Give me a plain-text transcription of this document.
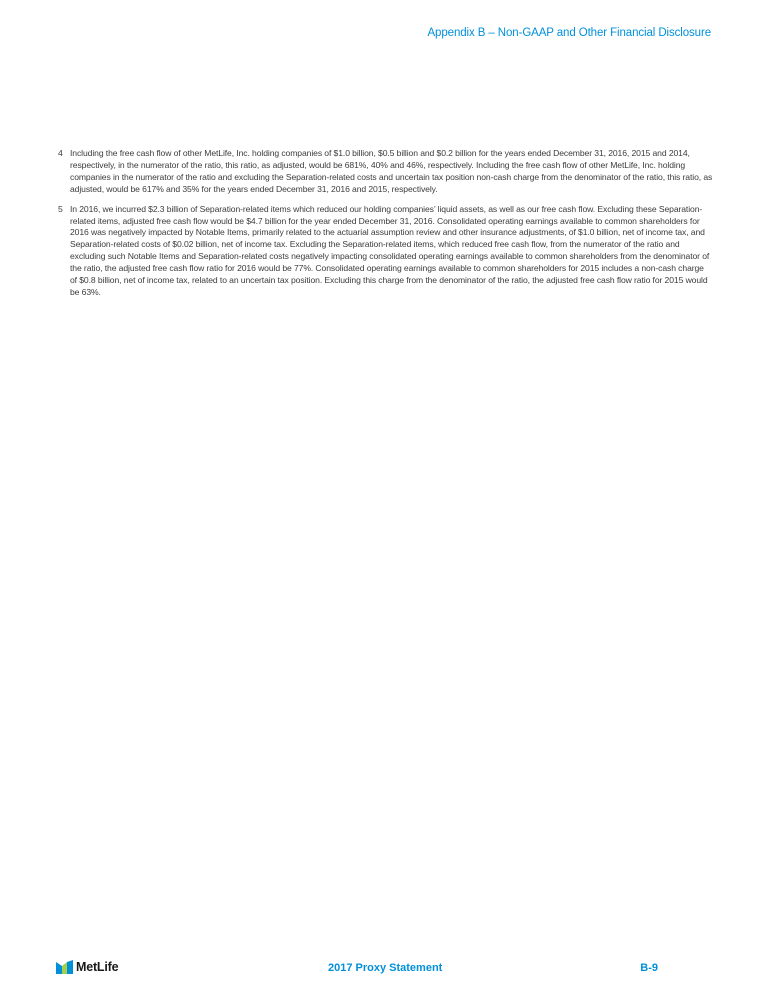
Appendix B – Non-GAAP and Other Financial Disclosure
4 Including the free cash flow of other MetLife, Inc. holding companies of $1.0 billion, $0.5 billion and $0.2 billion for the years ended December 31, 2016, 2015 and 2014, respectively, in the numerator of the ratio, this ratio, as adjusted, would be 681%, 40% and 46%, respectively. Including the free cash flow of other MetLife, Inc. holding companies in the numerator of the ratio and excluding the Separation-related costs and uncertain tax position non-cash charge from the denominator of the ratio, this ratio, as adjusted, would be 617% and 35% for the years ended December 31, 2016 and 2015, respectively.
5 In 2016, we incurred $2.3 billion of Separation-related items which reduced our holding companies’ liquid assets, as well as our free cash flow. Excluding these Separation-related items, adjusted free cash flow would be $4.7 billion for the year ended December 31, 2016. Consolidated operating earnings available to common shareholders for 2016 was negatively impacted by Notable Items, primarily related to the actuarial assumption review and other insurance adjustments, of $1.0 billion, net of income tax, and Separation-related costs of $0.02 billion, net of income tax. Excluding the Separation-related items, which reduced free cash flow, from the numerator of the ratio and excluding such Notable Items and Separation-related costs negatively impacting consolidated operating earnings available to common shareholders from the denominator of the ratio, the adjusted free cash flow ratio for 2016 would be 77%. Consolidated operating earnings available to common shareholders for 2015 includes a non-cash charge of $0.8 billion, net of income tax, related to an uncertain tax position. Excluding this charge from the denominator of the ratio, the adjusted free cash flow ratio for 2015 would be 63%.
MetLife	2017 Proxy Statement	B-9
